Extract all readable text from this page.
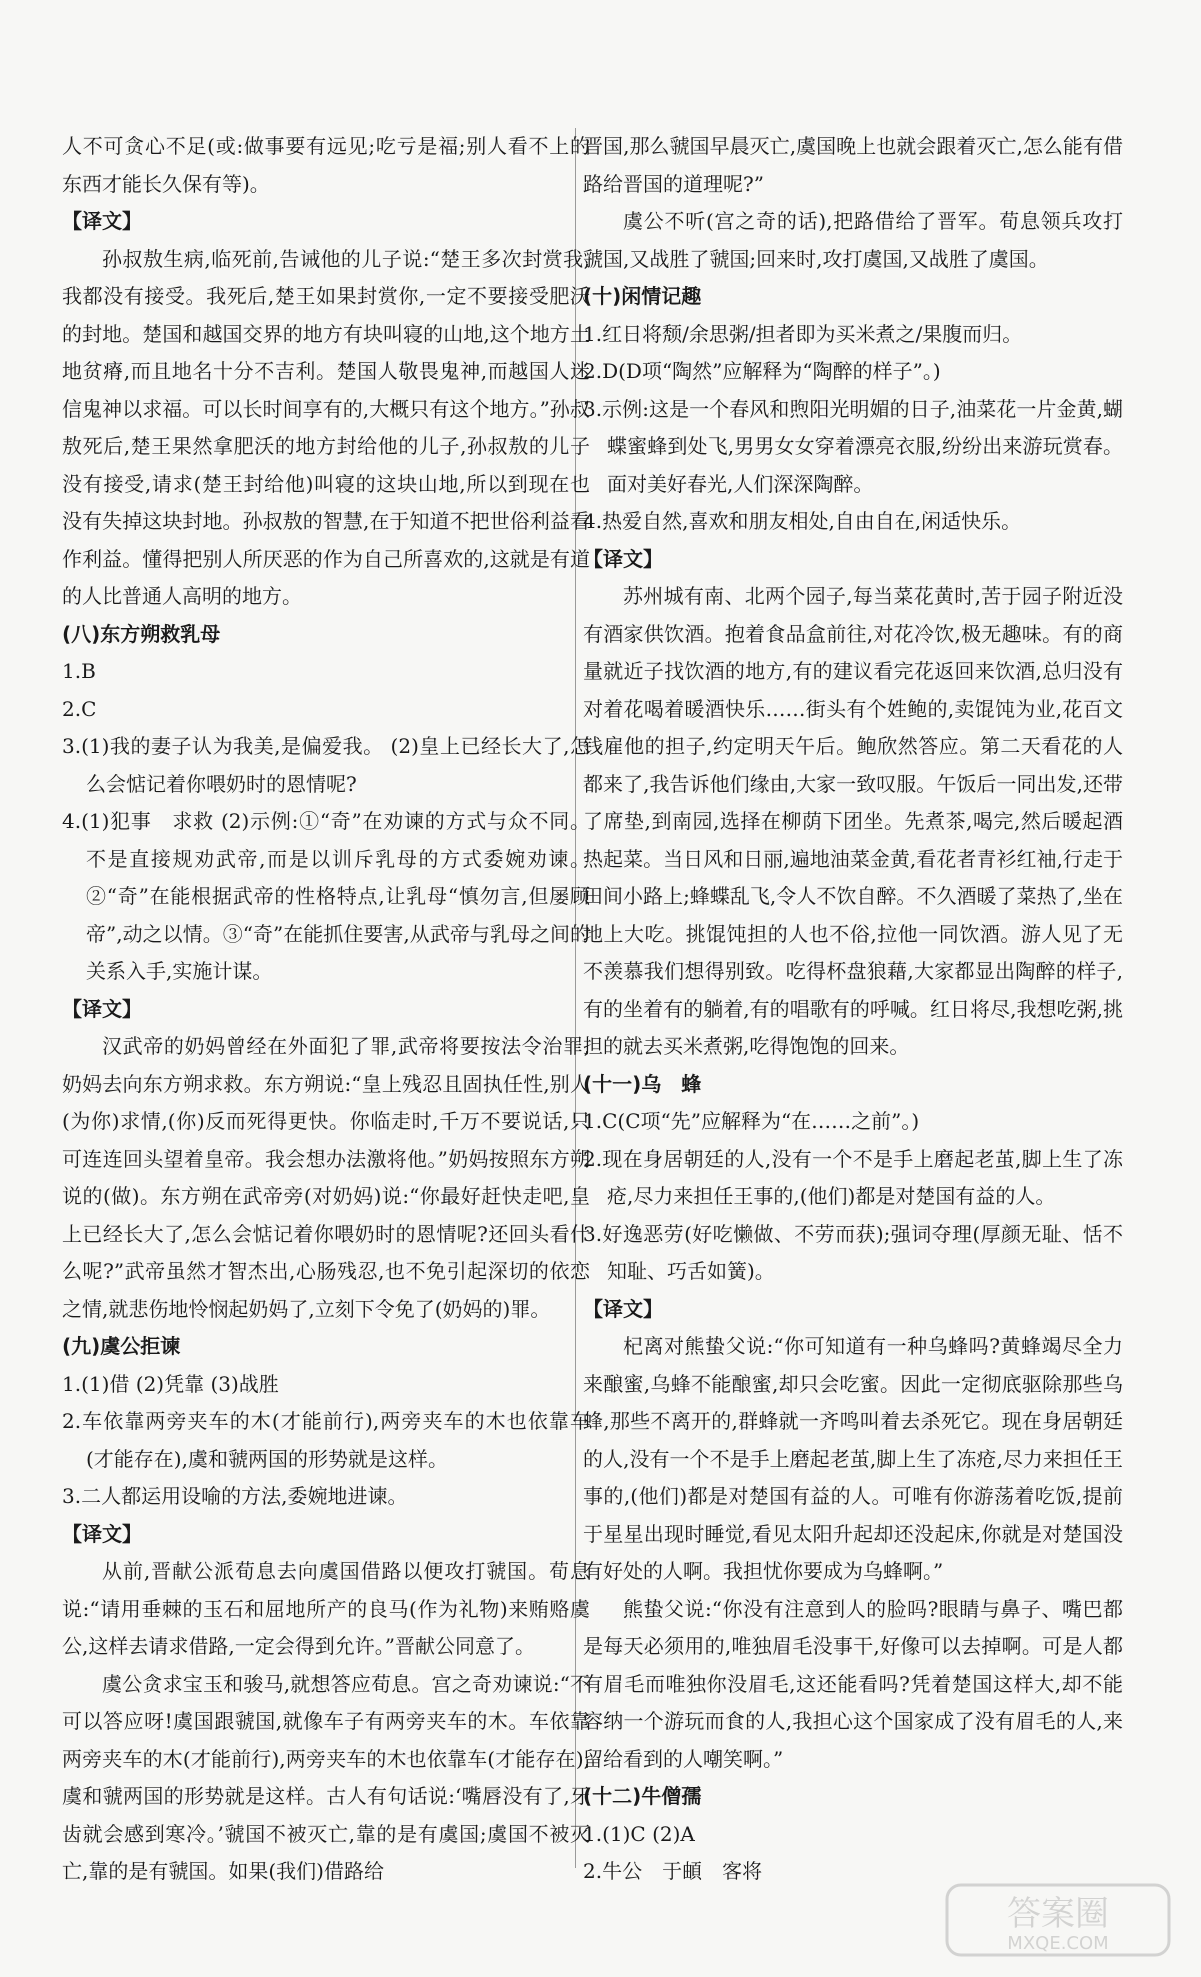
人不可贪心不足(或:做事要有远见;吃亏是福;别人看不上的东西才能长久保有等)。

【译文】

孙叔敖生病,临死前,告诫他的儿子说:“楚王多次封赏我,我都没有接受。我死后,楚王如果封赏你,一定不要接受肥沃的封地。楚国和越国交界的地方有块叫寝的山地,这个地方土地贫瘠,而且地名十分不吉利。楚国人敬畏鬼神,而越国人迷信鬼神以求福。可以长时间享有的,大概只有这个地方。”孙叔敖死后,楚王果然拿肥沃的地方封给他的儿子,孙叔敖的儿子没有接受,请求(楚王封给他)叫寝的这块山地,所以到现在也没有失掉这块封地。孙叔敖的智慧,在于知道不把世俗利益看作利益。懂得把别人所厌恶的作为自己所喜欢的,这就是有道的人比普通人高明的地方。

(八)东方朔救乳母

1.B

2.C

3.(1)我的妻子认为我美,是偏爱我。 (2)皇上已经长大了,怎么会惦记着你喂奶时的恩情呢?

4.(1)犯事　求救 (2)示例:①“奇”在劝谏的方式与众不同。不是直接规劝武帝,而是以训斥乳母的方式委婉劝谏。②“奇”在能根据武帝的性格特点,让乳母“慎勿言,但屡顾帝”,动之以情。③“奇”在能抓住要害,从武帝与乳母之间的关系入手,实施计谋。

【译文】

汉武帝的奶妈曾经在外面犯了罪,武帝将要按法令治罪,奶妈去向东方朔求救。东方朔说:“皇上残忍且固执任性,别人(为你)求情,(你)反而死得更快。你临走时,千万不要说话,只可连连回头望着皇帝。我会想办法激将他。”奶妈按照东方朔说的(做)。东方朔在武帝旁(对奶妈)说:“你最好赶快走吧,皇上已经长大了,怎么会惦记着你喂奶时的恩情呢?还回头看什么呢?”武帝虽然才智杰出,心肠残忍,也不免引起深切的依恋之情,就悲伤地怜悯起奶妈了,立刻下令免了(奶妈的)罪。

(九)虞公拒谏

1.(1)借 (2)凭靠 (3)战胜

2.车依靠两旁夹车的木(才能前行),两旁夹车的木也依靠车(才能存在),虞和虢两国的形势就是这样。

3.二人都运用设喻的方法,委婉地进谏。

【译文】

从前,晋献公派荀息去向虞国借路以便攻打虢国。荀息说:“请用垂棘的玉石和屈地所产的良马(作为礼物)来贿赂虞公,这样去请求借路,一定会得到允许。”晋献公同意了。

虞公贪求宝玉和骏马,就想答应荀息。宫之奇劝谏说:“不可以答应呀!虞国跟虢国,就像车子有两旁夹车的木。车依靠两旁夹车的木(才能前行),两旁夹车的木也依靠车(才能存在),虞和虢两国的形势就是这样。古人有句话说:‘嘴唇没有了,牙齿就会感到寒冷。’虢国不被灭亡,靠的是有虞国;虞国不被灭亡,靠的是有虢国。如果(我们)借路给

晋国,那么虢国早晨灭亡,虞国晚上也就会跟着灭亡,怎么能有借路给晋国的道理呢?”

虞公不听(宫之奇的话),把路借给了晋军。荀息领兵攻打虢国,又战胜了虢国;回来时,攻打虞国,又战胜了虞国。

(十)闲情记趣

1.红日将颓/余思粥/担者即为买米煮之/果腹而归。

2.D(D项“陶然”应解释为“陶醉的样子”。)

3.示例:这是一个春风和煦阳光明媚的日子,油菜花一片金黄,蝴蝶蜜蜂到处飞,男男女女穿着漂亮衣服,纷纷出来游玩赏春。面对美好春光,人们深深陶醉。

4.热爱自然,喜欢和朋友相处,自由自在,闲适快乐。

【译文】

苏州城有南、北两个园子,每当菜花黄时,苦于园子附近没有酒家供饮酒。抱着食品盒前往,对花冷饮,极无趣味。有的商量就近子找饮酒的地方,有的建议看完花返回来饮酒,总归没有对着花喝着暖酒快乐……街头有个姓鲍的,卖馄饨为业,花百文钱雇他的担子,约定明天午后。鲍欣然答应。第二天看花的人都来了,我告诉他们缘由,大家一致叹服。午饭后一同出发,还带了席垫,到南园,选择在柳荫下团坐。先煮茶,喝完,然后暖起酒热起菜。当日风和日丽,遍地油菜金黄,看花者青衫红袖,行走于田间小路上;蜂蝶乱飞,令人不饮自醉。不久酒暖了菜热了,坐在地上大吃。挑馄饨担的人也不俗,拉他一同饮酒。游人见了无不羡慕我们想得别致。吃得杯盘狼藉,大家都显出陶醉的样子,有的坐着有的躺着,有的唱歌有的呼喊。红日将尽,我想吃粥,挑担的就去买米煮粥,吃得饱饱的回来。

(十一)乌　蜂

1.C(C项“先”应解释为“在……之前”。)

2.现在身居朝廷的人,没有一个不是手上磨起老茧,脚上生了冻疮,尽力来担任王事的,(他们)都是对楚国有益的人。

3.好逸恶劳(好吃懒做、不劳而获);强词夺理(厚颜无耻、恬不知耻、巧舌如簧)。

【译文】

杞离对熊蛰父说:“你可知道有一种乌蜂吗?黄蜂竭尽全力来酿蜜,乌蜂不能酿蜜,却只会吃蜜。因此一定彻底驱除那些乌蜂,那些不离开的,群蜂就一齐鸣叫着去杀死它。现在身居朝廷的人,没有一个不是手上磨起老茧,脚上生了冻疮,尽力来担任王事的,(他们)都是对楚国有益的人。可唯有你游荡着吃饭,提前于星星出现时睡觉,看见太阳升起却还没起床,你就是对楚国没有好处的人啊。我担忧你要成为乌蜂啊。”

熊蛰父说:“你没有注意到人的脸吗?眼睛与鼻子、嘴巴都是每天必须用的,唯独眉毛没事干,好像可以去掉啊。可是人都有眉毛而唯独你没眉毛,这还能看吗?凭着楚国这样大,却不能容纳一个游玩而食的人,我担心这个国家成了没有眉毛的人,来留给看到的人嘲笑啊。”

(十二)牛僧孺

1.(1)C (2)A

2.牛公　于頔　客将

答案圈
MXQE.COM
